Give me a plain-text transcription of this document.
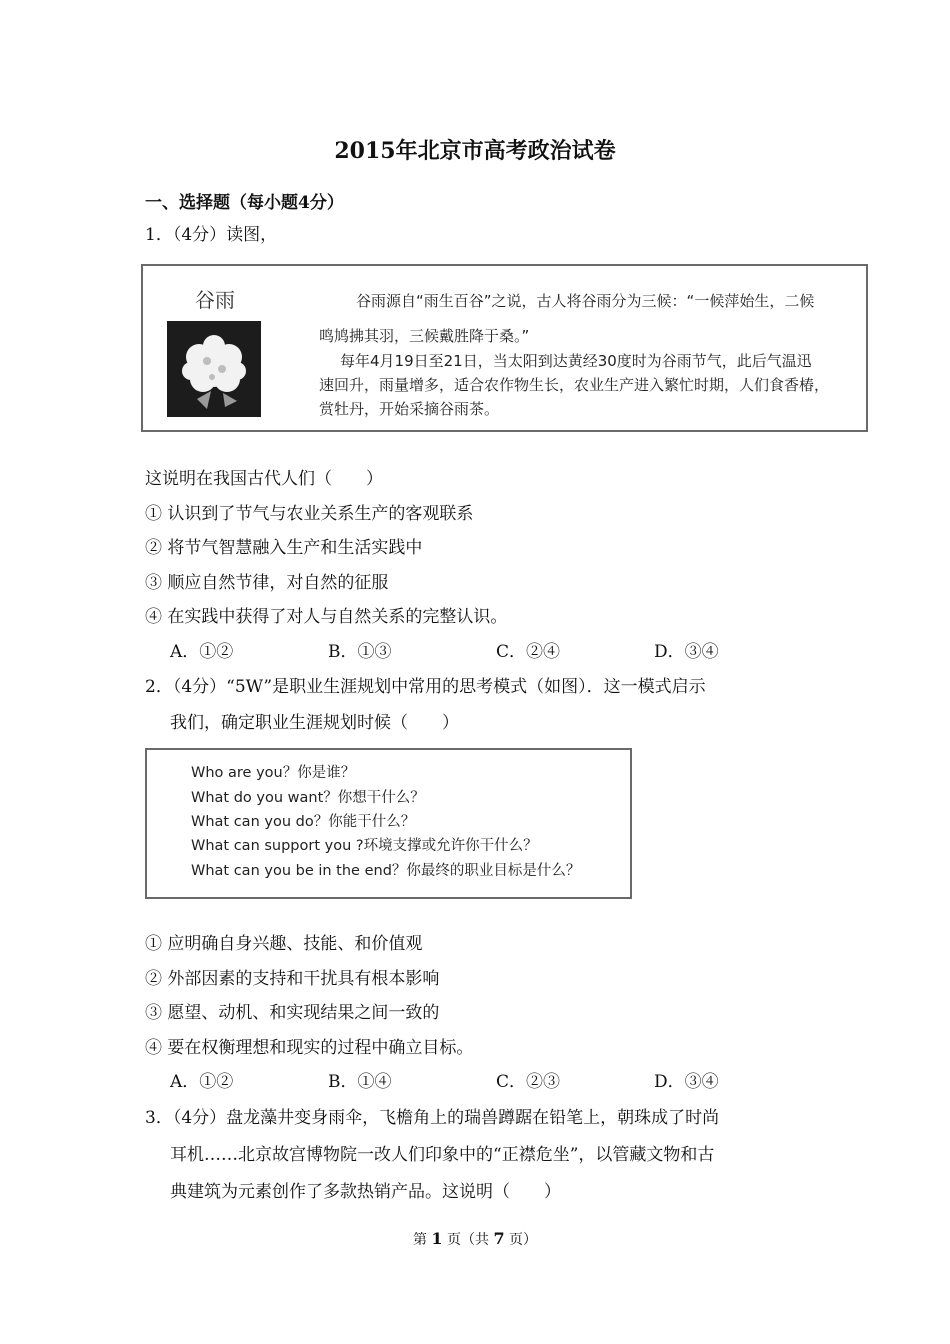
2015年北京市高考政治试卷
一、选择题（每小题4分）
1．（4分）读图，
谷雨	谷雨源自“雨生百谷”之说，古人将谷雨分为三候：“一候萍始生，二候
鸣鸠拂其羽，三候戴胜降于桑。”
每年4月19日至21日，当太阳到达黄经30度时为谷雨节气，此后气温迅
速回升，雨量增多，适合农作物生长，农业生产进入繁忙时期，人们食香椿，
赏牡丹，开始采摘谷雨茶。
这说明在我国古代人们（　　）
① 认识到了节气与农业关系生产的客观联系
② 将节气智慧融入生产和生活实践中
③ 顺应自然节律，对自然的征服
④ 在实践中获得了对人与自然关系的完整认识。
A．①②	B．①③	C．②④	D．③④
2．（4分）“5W”是职业生涯规划中常用的思考模式（如图）．这一模式启示
我们，确定职业生涯规划时候（　　）
Who are you？你是谁？
What do you want？你想干什么？
What can you do？你能干什么？
What can support you ?环境支撑或允许你干什么？
What can you be in the end？你最终的职业目标是什么？
① 应明确自身兴趣、技能、和价值观
② 外部因素的支持和干扰具有根本影响
③ 愿望、动机、和实现结果之间一致的
④ 要在权衡理想和现实的过程中确立目标。
A．①②	B．①④	C．②③	D．③④
3．（4分）盘龙藻井变身雨伞，飞檐角上的瑞兽蹲踞在铅笔上，朝珠成了时尚
耳机……北京故宫博物院一改人们印象中的“正襟危坐”，以管藏文物和古
典建筑为元素创作了多款热销产品。这说明（　　）
第 1 页（共 7 页）
